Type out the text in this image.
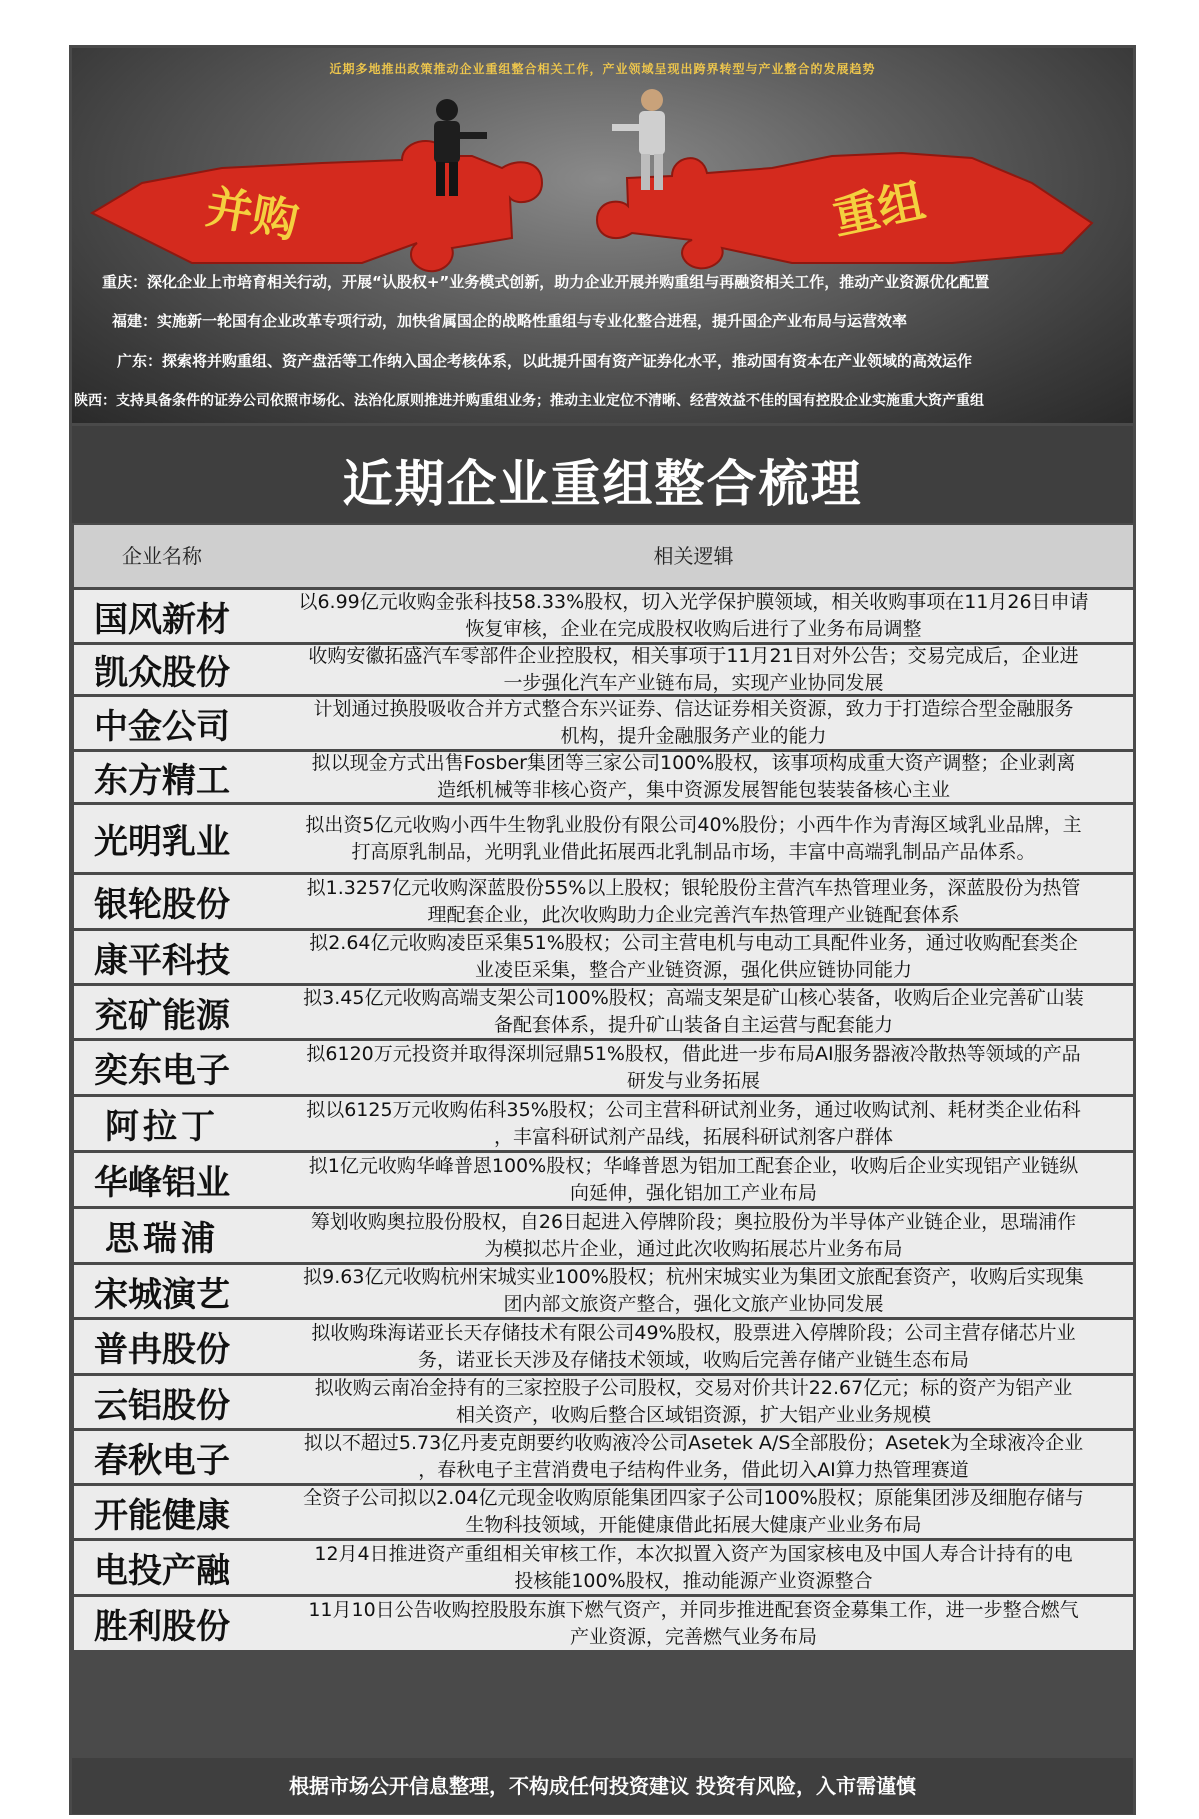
近期多地推出政策推动企业重组整合相关工作，产业领域呈现出跨界转型与产业整合的发展趋势
并购	重组
重庆：深化企业上市培育相关行动，开展“认股权+”业务模式创新，助力企业开展并购重组与再融资相关工作，推动产业资源优化配置
福建：实施新一轮国有企业改革专项行动，加快省属国企的战略性重组与专业化整合进程，提升国企产业布局与运营效率
广东：探索将并购重组、资产盘活等工作纳入国企考核体系，以此提升国有资产证券化水平，推动国有资本在产业领域的高效运作
陕西：支持具备条件的证券公司依照市场化、法治化原则推进并购重组业务；推动主业定位不清晰、经营效益不佳的国有控股企业实施重大资产重组
近期企业重组整合梳理
企业名称	相关逻辑
国风新材	以6.99亿元收购金张科技58.33%股权，切入光学保护膜领域，相关收购事项在11月26日申请
恢复审核，企业在完成股权收购后进行了业务布局调整
凯众股份	收购安徽拓盛汽车零部件企业控股权，相关事项于11月21日对外公告；交易完成后，企业进
一步强化汽车产业链布局，实现产业协同发展
中金公司	计划通过换股吸收合并方式整合东兴证券、信达证券相关资源，致力于打造综合型金融服务
机构，提升金融服务产业的能力
东方精工	拟以现金方式出售Fosber集团等三家公司100%股权，该事项构成重大资产调整；企业剥离
造纸机械等非核心资产，集中资源发展智能包装装备核心主业
光明乳业	拟出资5亿元收购小西牛生物乳业股份有限公司40%股份；小西牛作为青海区域乳业品牌，主
打高原乳制品，光明乳业借此拓展西北乳制品市场，丰富中高端乳制品产品体系。
银轮股份	拟1.3257亿元收购深蓝股份55%以上股权；银轮股份主营汽车热管理业务，深蓝股份为热管
理配套企业，此次收购助力企业完善汽车热管理产业链配套体系
康平科技	拟2.64亿元收购凌臣采集51%股权；公司主营电机与电动工具配件业务，通过收购配套类企
业凌臣采集，整合产业链资源，强化供应链协同能力
兖矿能源	拟3.45亿元收购高端支架公司100%股权；高端支架是矿山核心装备，收购后企业完善矿山装
备配套体系，提升矿山装备自主运营与配套能力
奕东电子	拟6120万元投资并取得深圳冠鼎51%股权，借此进一步布局AI服务器液冷散热等领域的产品
研发与业务拓展
阿拉丁	拟以6125万元收购佑科35%股权；公司主营科研试剂业务，通过收购试剂、耗材类企业佑科
，丰富科研试剂产品线，拓展科研试剂客户群体
华峰铝业	拟1亿元收购华峰普恩100%股权；华峰普恩为铝加工配套企业，收购后企业实现铝产业链纵
向延伸，强化铝加工产业布局
思瑞浦	筹划收购奥拉股份股权，自26日起进入停牌阶段；奥拉股份为半导体产业链企业，思瑞浦作
为模拟芯片企业，通过此次收购拓展芯片业务布局
宋城演艺	拟9.63亿元收购杭州宋城实业100%股权；杭州宋城实业为集团文旅配套资产，收购后实现集
团内部文旅资产整合，强化文旅产业协同发展
普冉股份	拟收购珠海诺亚长天存储技术有限公司49%股权，股票进入停牌阶段；公司主营存储芯片业
务，诺亚长天涉及存储技术领域，收购后完善存储产业链生态布局
云铝股份	拟收购云南冶金持有的三家控股子公司股权，交易对价共计22.67亿元；标的资产为铝产业
相关资产，收购后整合区域铝资源，扩大铝产业业务规模
春秋电子	拟以不超过5.73亿丹麦克朗要约收购液冷公司Asetek A/S全部股份；Asetek为全球液冷企业
，春秋电子主营消费电子结构件业务，借此切入AI算力热管理赛道
开能健康	全资子公司拟以2.04亿元现金收购原能集团四家子公司100%股权；原能集团涉及细胞存储与
生物科技领域，开能健康借此拓展大健康产业业务布局
电投产融	12月4日推进资产重组相关审核工作，本次拟置入资产为国家核电及中国人寿合计持有的电
投核能100%股权，推动能源产业资源整合
胜利股份	11月10日公告收购控股股东旗下燃气资产，并同步推进配套资金募集工作，进一步整合燃气
产业资源，完善燃气业务布局
根据市场公开信息整理，不构成任何投资建议 投资有风险，入市需谨慎
